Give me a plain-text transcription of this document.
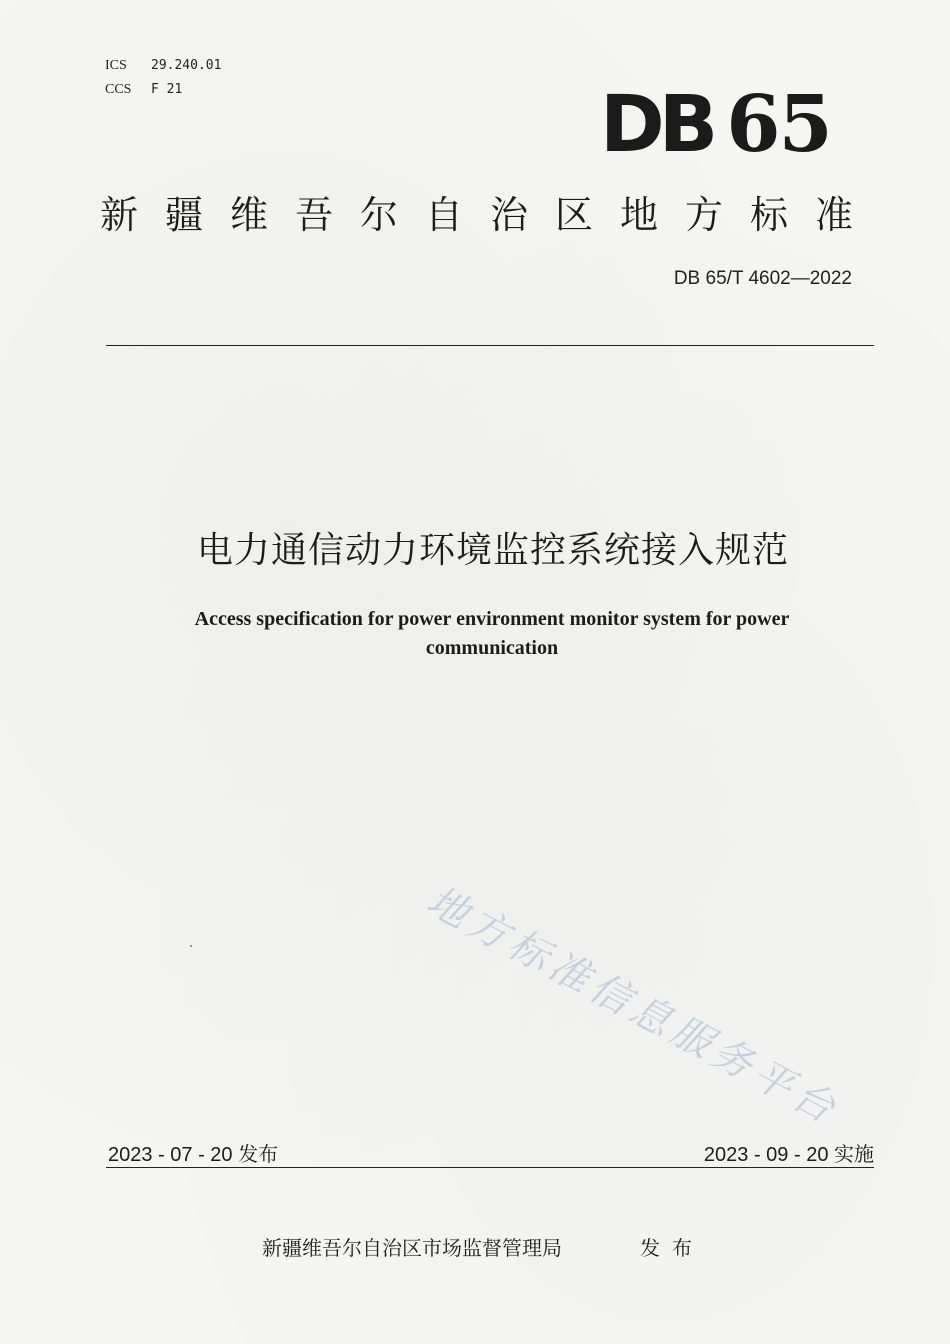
ICS	29.240.01
CCS	F 21	DB 65
新疆维吾尔自治区地方标准
DB 65/T 4602—2022
电力通信动力环境监控系统接入规范
Access specification for power environment monitor system for power communication
地方标准信息服务平台
2023 - 07 - 20 发布	2023 - 09 - 20 实施
新疆维吾尔自治区市场监督管理局	发布
